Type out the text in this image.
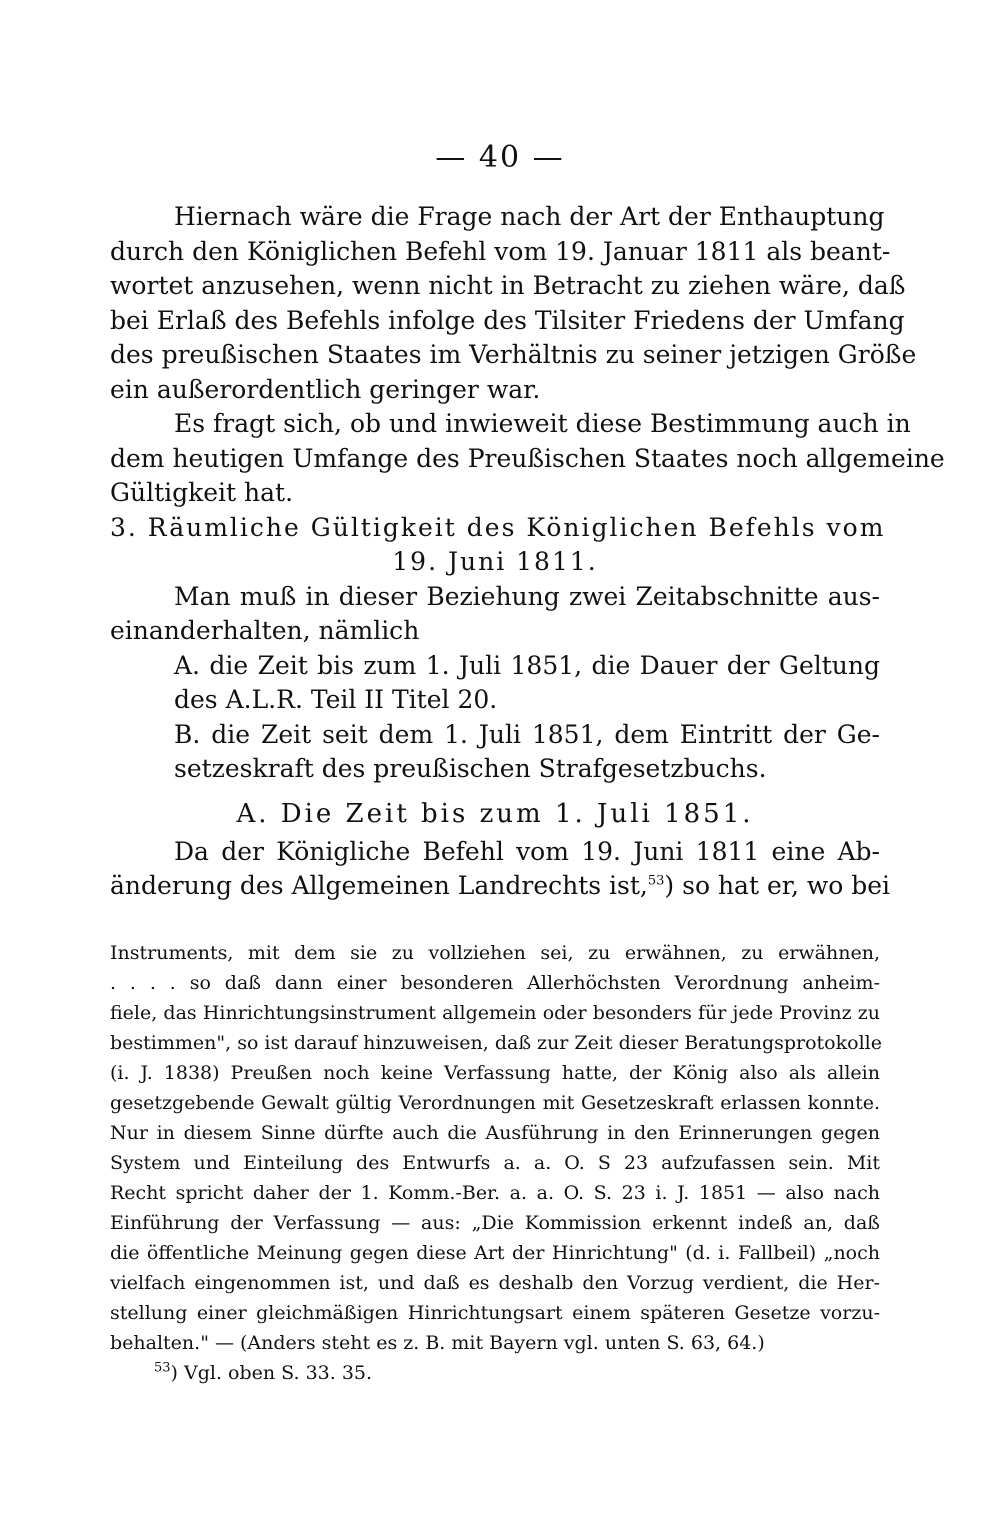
— 40 —
Hiernach wäre die Frage nach der Art der Enthauptung
durch den Königlichen Befehl vom 19. Januar 1811 als beant-
wortet anzusehen, wenn nicht in Betracht zu ziehen wäre, daß
bei Erlaß des Befehls infolge des Tilsiter Friedens der Umfang
des preußischen Staates im Verhältnis zu seiner jetzigen Größe
ein außerordentlich geringer war.
Es fragt sich, ob und inwieweit diese Bestimmung auch in
dem heutigen Umfange des Preußischen Staates noch allgemeine
Gültigkeit hat.
3. Räumliche Gültigkeit des Königlichen Befehls vom
19. Juni 1811.
Man muß in dieser Beziehung zwei Zeitabschnitte aus-
einanderhalten, nämlich
A. die Zeit bis zum 1. Juli 1851, die Dauer der Geltung
des A.L.R. Teil II Titel 20.
B. die Zeit seit dem 1. Juli 1851, dem Eintritt der Ge-
setzeskraft des preußischen Strafgesetzbuchs.
A. Die Zeit bis zum 1. Juli 1851.
Da der Königliche Befehl vom 19. Juni 1811 eine Ab-
änderung des Allgemeinen Landrechts ist,$^{53}$) so hat er, wo bei
Instruments, mit dem sie zu vollziehen sei, zu erwähnen, zu erwähnen,
. . . . so daß dann einer besonderen Allerhöchsten Verordnung anheim-
fiele, das Hinrichtungsinstrument allgemein oder besonders für jede Provinz zu
bestimmen", so ist darauf hinzuweisen, daß zur Zeit dieser Beratungsprotokolle
(i. J. 1838) Preußen noch keine Verfassung hatte, der König also als allein
gesetzgebende Gewalt gültig Verordnungen mit Gesetzeskraft erlassen konnte.
Nur in diesem Sinne dürfte auch die Ausführung in den Erinnerungen gegen
System und Einteilung des Entwurfs a. a. O. S 23 aufzufassen sein. Mit
Recht spricht daher der 1. Komm.-Ber. a. a. O. S. 23 i. J. 1851 — also nach
Einführung der Verfassung — aus: „Die Kommission erkennt indeß an, daß
die öffentliche Meinung gegen diese Art der Hinrichtung" (d. i. Fallbeil) „noch
vielfach eingenommen ist, und daß es deshalb den Vorzug verdient, die Her-
stellung einer gleichmäßigen Hinrichtungsart einem späteren Gesetze vorzu-
behalten." — (Anders steht es z. B. mit Bayern vgl. unten S. 63, 64.)
$^{53}$) Vgl. oben S. 33. 35.
